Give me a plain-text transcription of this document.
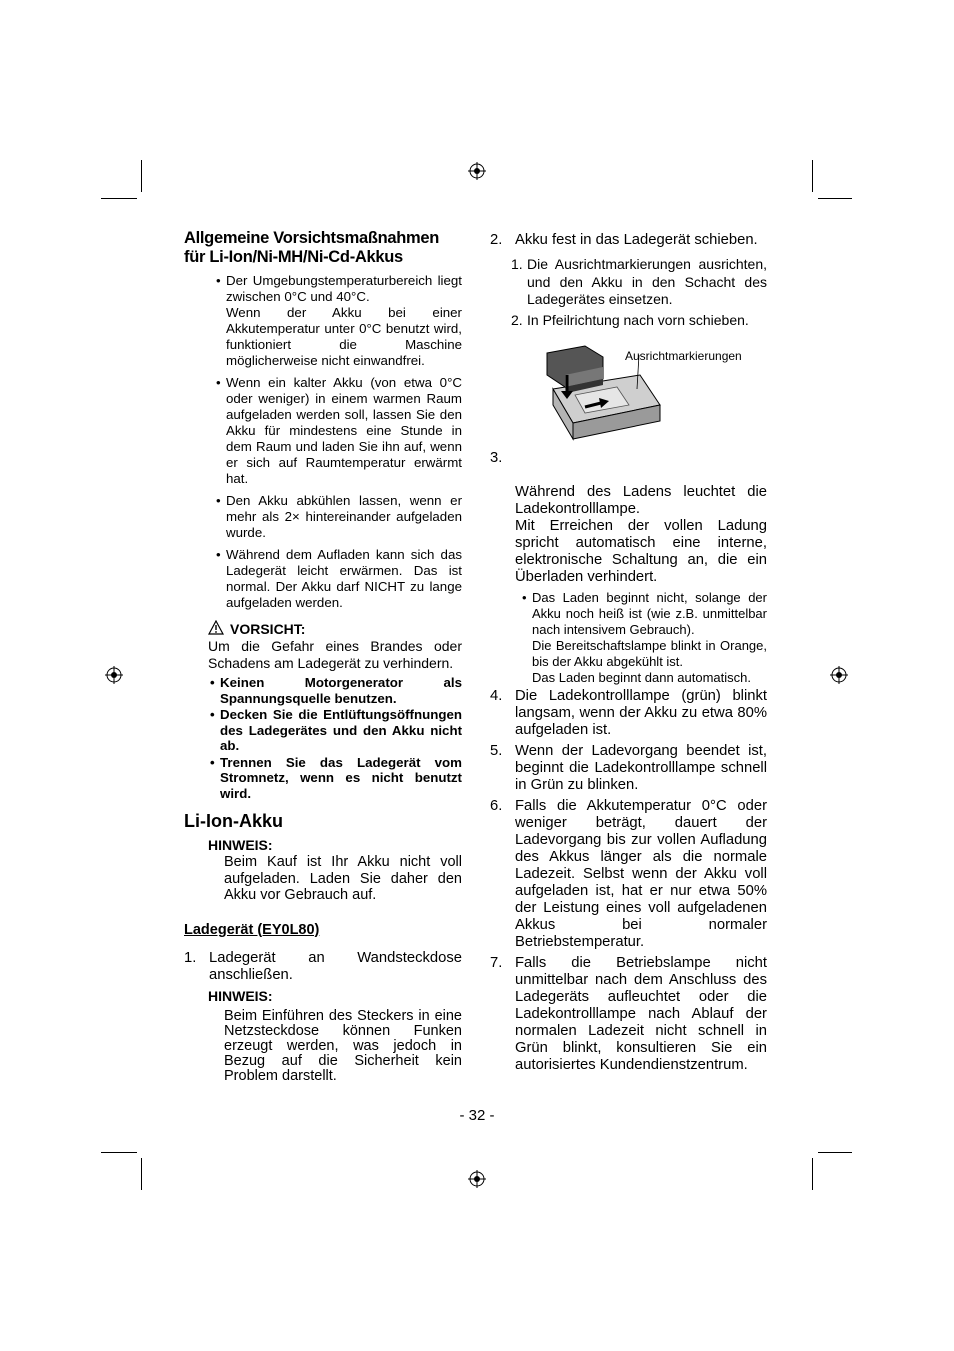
Allgemeine Vorsichtsmaßnahmen für Li-Ion/Ni-MH/Ni-Cd-Akkus
• Der Umgebungstemperaturbereich liegt zwischen 0°C und 40°C.
Wenn der Akku bei einer Akkutemperatur unter 0°C benutzt wird, funktioniert die Maschine möglicherweise nicht einwandfrei.
• Wenn ein kalter Akku (von etwa 0°C oder weniger) in einem warmen Raum aufgeladen werden soll, lassen Sie den Akku für mindestens eine Stunde in dem Raum und laden Sie ihn auf, wenn er sich auf Raumtemperatur erwärmt hat.
• Den Akku abkühlen lassen, wenn er mehr als 2× hintereinander aufgeladen wurde.
• Während dem Aufladen kann sich das Ladegerät leicht erwärmen. Das ist normal. Der Akku darf NICHT zu lange aufgeladen werden.
VORSICHT:
Um die Gefahr eines Brandes oder Schadens am Ladegerät zu verhindern.
• Keinen Motorgenerator als Spannungsquelle benutzen.
• Decken Sie die Entlüftungsöffnungen des Ladegerätes und den Akku nicht ab.
• Trennen Sie das Ladegerät vom Stromnetz, wenn es nicht benutzt wird.
Li-Ion-Akku
HINWEIS:
Beim Kauf ist Ihr Akku nicht voll aufgeladen. Laden Sie daher den Akku vor Gebrauch auf.
Ladegerät (EY0L80)
1. Ladegerät an Wandsteckdose anschließen.
HINWEIS:
Beim Einführen des Steckers in eine Netzsteckdose können Funken erzeugt werden, was jedoch in Bezug auf die Sicherheit kein Problem darstellt.
2. Akku fest in das Ladegerät schieben.
1. Die Ausrichtmarkierungen ausrichten, und den Akku in den Schacht des Ladegerätes einsetzen.
2. In Pfeilrichtung nach vorn schieben.
Ausrichtmarkierungen

3.

Während des Ladens leuchtet die Ladekontrolllampe.
Mit Erreichen der vollen Ladung spricht automatisch eine interne, elektronische Schaltung an, die ein Überladen verhindert.

• Das Laden beginnt nicht, solange der Akku noch heiß ist (wie z.B. unmittelbar nach intensivem Gebrauch).
Die Bereitschaftslampe blinkt in Orange, bis der Akku abgekühlt ist.
Das Laden beginnt dann automatisch.
4. Die Ladekontrolllampe (grün) blinkt langsam, wenn der Akku zu etwa 80% aufgeladen ist.
5. Wenn der Ladevorgang beendet ist, beginnt die Ladekontrolllampe schnell in Grün zu blinken.
6. Falls die Akkutemperatur 0°C oder weniger beträgt, dauert der Ladevorgang bis zur vollen Aufladung des Akkus länger als die normale Ladezeit. Selbst wenn der Akku voll aufgeladen ist, hat er nur etwa 50% der Leistung eines voll aufgeladenen Akkus bei normaler Betriebstemperatur.
7. Falls die Betriebslampe nicht unmittelbar nach dem Anschluss des Ladegeräts aufleuchtet oder die Ladekontrolllampe nach Ablauf der normalen Ladezeit nicht schnell in Grün blinkt, konsultieren Sie ein autorisiertes Kundendienstzentrum.
- 32 -
